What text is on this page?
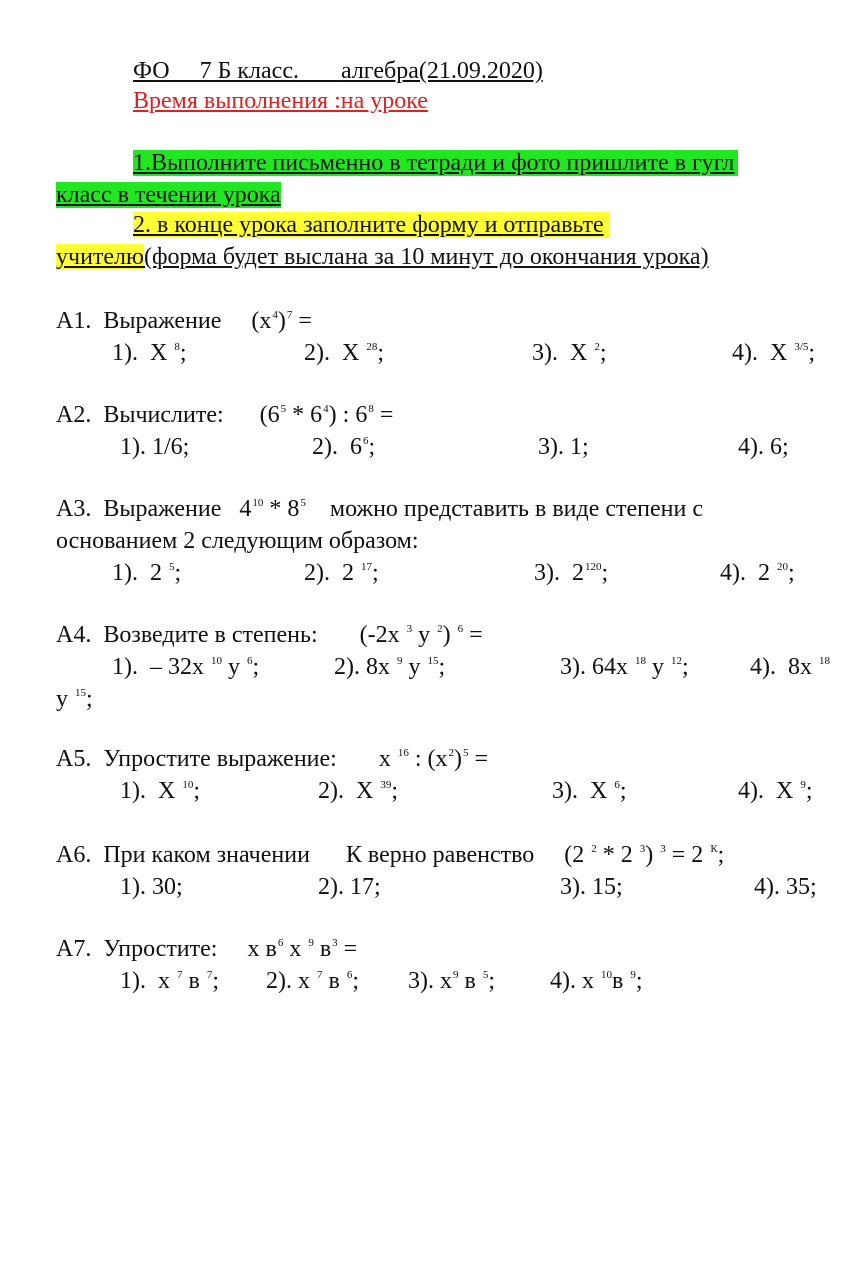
ФО 7 Б класс. алгебра(21.09.2020)
Время выполнения :на уроке
1.Выполните письменно в тетради и фото пришлите в гугл
класс в течении урока
2. в конце урока заполните форму и отправьте
учителю(форма будет выслана за 10 минут до окончания урока)
А1. Выражение $(x^4)^7$ =
1).  X $^8$;	2).  X $^{28}$;	3).  X $^2$;	4).  X $^{3/5}$;
А2. Вычислите: $(6^5 * 6^4)$ : $6^8$ =
1). 1/6;	2).  $6^6$;	3). 1;	4). 6;
А3. Выражение $4^{10} * 8^5$ можно представить в виде степени с
основанием 2 следующим образом:
1).  2 $^5$;	2).  2 $^{17}$;	3).  $2^{120}$;	4).  2 $^{20}$;
А4. Возведите в степень: (-2x $^3$ y $^2$) $^6$ =
1).  – 32x $^{10}$ y $^6$;	2). 8x $^9$ y $^{15}$;	3). 64x $^{18}$ y $^{12}$;	4).  8x $^{18}$
y $^{15}$;
А5. Упростите выражение: x $^{16}$ : $(x^2)^5$ =
1).  X $^{10}$;	2).  X $^{39}$;	3).  X $^6$;	4).  X $^9$;
А6. При каком значении К верно равенство (2 $^2$ * 2 $^3$) $^3$ = 2 $^К$;
1). 30;	2). 17;	3). 15;	4). 35;
А7. Упростите: x $в^6$ x $^9$ $в^3$ =
1).  x $^7$ в $^7$; 2). x $^7$ в $^6$; 3). $x^9$ в $^5$; 4). x $^{10}$в $^9$;
